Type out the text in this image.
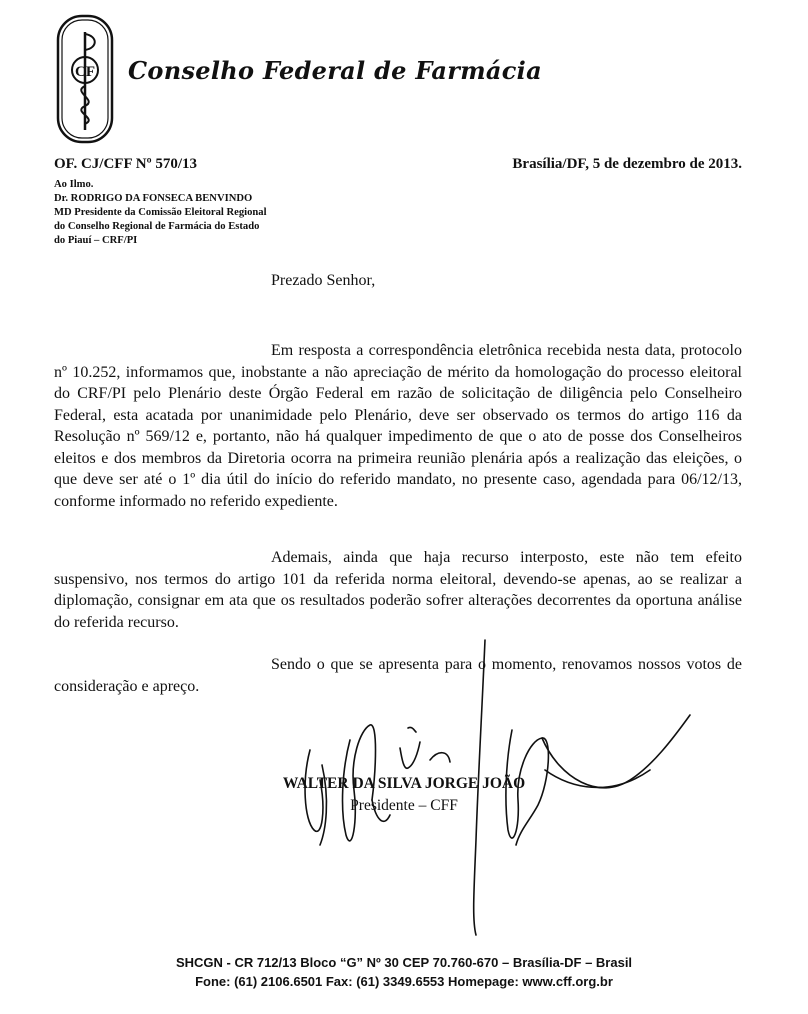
CF Conselho Federal de Farmácia
OF. CJ/CFF Nº 570/13	Brasília/DF, 5 de dezembro de 2013.
Ao Ilmo.
Dr. RODRIGO DA FONSECA BENVINDO
MD Presidente da Comissão Eleitoral Regional
do Conselho Regional de Farmácia do Estado
do Piauí – CRF/PI
Prezado Senhor,

Em resposta a correspondência eletrônica recebida nesta data, protocolo nº 10.252, informamos que, inobstante a não apreciação de mérito da homologação do processo eleitoral do CRF/PI pelo Plenário deste Órgão Federal em razão de solicitação de diligência pelo Conselheiro Federal, esta acatada por unanimidade pelo Plenário, deve ser observado os termos do artigo 116 da Resolução nº 569/12 e, portanto, não há qualquer impedimento de que o ato de posse dos Conselheiros eleitos e dos membros da Diretoria ocorra na primeira reunião plenária após a realização das eleições, o que deve ser até o 1º dia útil do início do referido mandato, no presente caso, agendada para 06/12/13, conforme informado no referido expediente.

Ademais, ainda que haja recurso interposto, este não tem efeito suspensivo, nos termos do artigo 101 da referida norma eleitoral, devendo-se apenas, ao se realizar a diplomação, consignar em ata que os resultados poderão sofrer alterações decorrentes da oportuna análise do referida recurso.

Sendo o que se apresenta para o momento, renovamos nossos votos de consideração e apreço.

WALTER DA SILVA JORGE JOÃO
Presidente – CFF
SHCGN - CR 712/13 Bloco “G” Nº 30 CEP 70.760-670 – Brasília-DF – Brasil
Fone: (61) 2106.6501 Fax: (61) 3349.6553 Homepage: www.cff.org.br
